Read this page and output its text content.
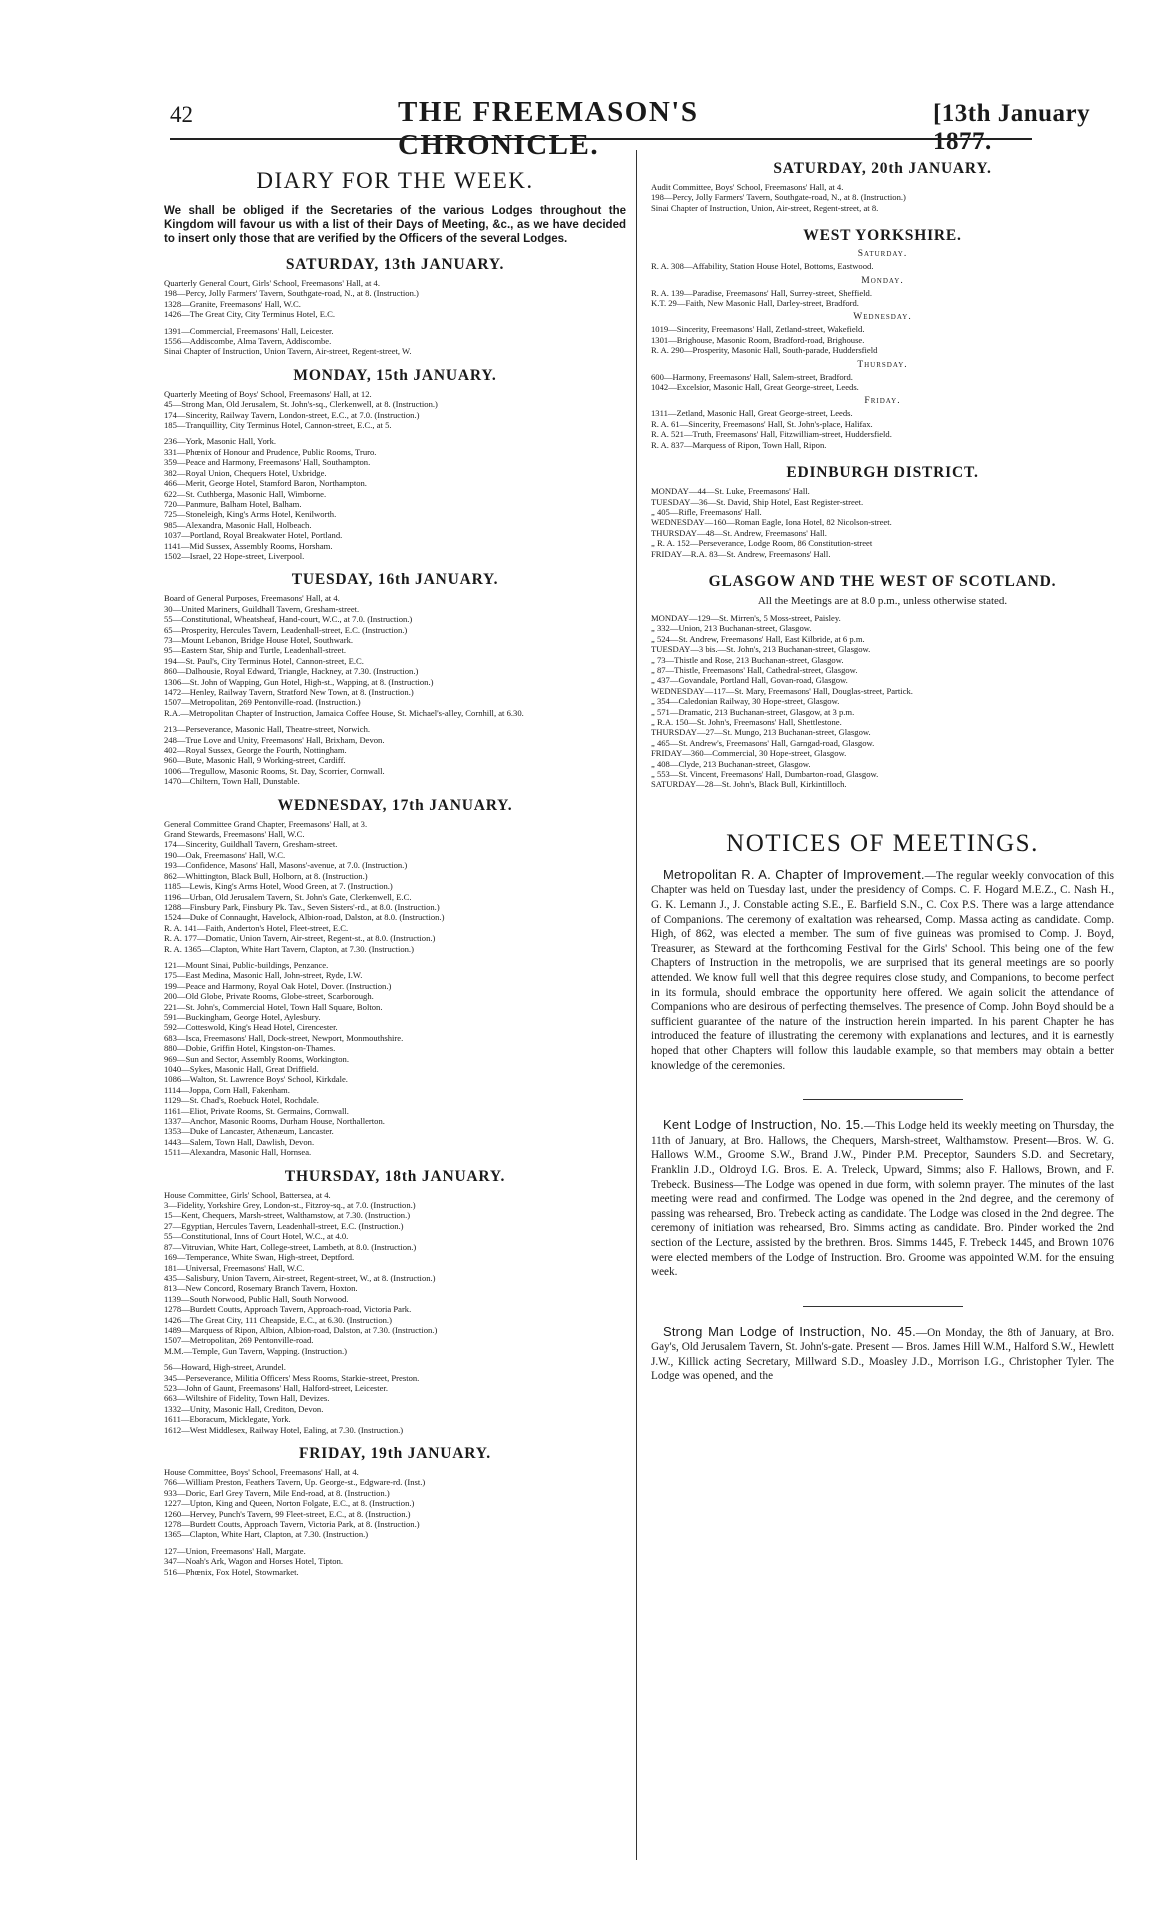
42	THE FREEMASON'S CHRONICLE.
[13th January 1877.
DIARY FOR THE WEEK.

We shall be obliged if the Secretaries of the various Lodges throughout the Kingdom will favour us with a list of their Days of Meeting, &c., as we have decided to insert only those that are verified by the Officers of the several Lodges.

SATURDAY, 13th JANUARY.

Quarterly General Court, Girls' School, Freemasons' Hall, at 4.

198—Percy, Jolly Farmers' Tavern, Southgate-road, N., at 8. (Instruction.)

1328—Granite, Freemasons' Hall, W.C.

1426—The Great City, City Terminus Hotel, E.C.

1391—Commercial, Freemasons' Hall, Leicester.

1556—Addiscombe, Alma Tavern, Addiscombe.

Sinai Chapter of Instruction, Union Tavern, Air-street, Regent-street, W.

MONDAY, 15th JANUARY.

Quarterly Meeting of Boys' School, Freemasons' Hall, at 12.

45—Strong Man, Old Jerusalem, St. John's-sq., Clerkenwell, at 8. (Instruction.)

174—Sincerity, Railway Tavern, London-street, E.C., at 7.0. (Instruction.)

185—Tranquillity, City Terminus Hotel, Cannon-street, E.C., at 5.

236—York, Masonic Hall, York.

331—Phœnix of Honour and Prudence, Public Rooms, Truro.

359—Peace and Harmony, Freemasons' Hall, Southampton.

382—Royal Union, Chequers Hotel, Uxbridge.

466—Merit, George Hotel, Stamford Baron, Northampton.

622—St. Cuthberga, Masonic Hall, Wimborne.

720—Panmure, Balham Hotel, Balham.

725—Stoneleigh, King's Arms Hotel, Kenilworth.

985—Alexandra, Masonic Hall, Holbeach.

1037—Portland, Royal Breakwater Hotel, Portland.

1141—Mid Sussex, Assembly Rooms, Horsham.

1502—Israel, 22 Hope-street, Liverpool.

TUESDAY, 16th JANUARY.

Board of General Purposes, Freemasons' Hall, at 4.

30—United Mariners, Guildhall Tavern, Gresham-street.

55—Constitutional, Wheatsheaf, Hand-court, W.C., at 7.0. (Instruction.)

65—Prosperity, Hercules Tavern, Leadenhall-street, E.C. (Instruction.)

73—Mount Lebanon, Bridge House Hotel, Southwark.

95—Eastern Star, Ship and Turtle, Leadenhall-street.

194—St. Paul's, City Terminus Hotel, Cannon-street, E.C.

860—Dalhousie, Royal Edward, Triangle, Hackney, at 7.30. (Instruction.)

1306—St. John of Wapping, Gun Hotel, High-st., Wapping, at 8. (Instruction.)

1472—Henley, Railway Tavern, Stratford New Town, at 8. (Instruction.)

1507—Metropolitan, 269 Pentonville-road. (Instruction.)

R.A.—Metropolitan Chapter of Instruction, Jamaica Coffee House, St. Michael's-alley, Cornhill, at 6.30.

213—Perseverance, Masonic Hall, Theatre-street, Norwich.

248—True Love and Unity, Freemasons' Hall, Brixham, Devon.

402—Royal Sussex, George the Fourth, Nottingham.

960—Bute, Masonic Hall, 9 Working-street, Cardiff.

1006—Tregullow, Masonic Rooms, St. Day, Scorrier, Cornwall.

1470—Chiltern, Town Hall, Dunstable.

WEDNESDAY, 17th JANUARY.

General Committee Grand Chapter, Freemasons' Hall, at 3.

Grand Stewards, Freemasons' Hall, W.C.

174—Sincerity, Guildhall Tavern, Gresham-street.

190—Oak, Freemasons' Hall, W.C.

193—Confidence, Masons' Hall, Masons'-avenue, at 7.0. (Instruction.)

862—Whittington, Black Bull, Holborn, at 8. (Instruction.)

1185—Lewis, King's Arms Hotel, Wood Green, at 7. (Instruction.)

1196—Urban, Old Jerusalem Tavern, St. John's Gate, Clerkenwell, E.C.

1288—Finsbury Park, Finsbury Pk. Tav., Seven Sisters'-rd., at 8.0. (Instruction.)

1524—Duke of Connaught, Havelock, Albion-road, Dalston, at 8.0. (Instruction.)

R. A. 141—Faith, Anderton's Hotel, Fleet-street, E.C.

R. A. 177—Domatic, Union Tavern, Air-street, Regent-st., at 8.0. (Instruction.)

R. A. 1365—Clapton, White Hart Tavern, Clapton, at 7.30. (Instruction.)

121—Mount Sinai, Public-buildings, Penzance.

175—East Medina, Masonic Hall, John-street, Ryde, I.W.

199—Peace and Harmony, Royal Oak Hotel, Dover. (Instruction.)

200—Old Globe, Private Rooms, Globe-street, Scarborough.

221—St. John's, Commercial Hotel, Town Hall Square, Bolton.

591—Buckingham, George Hotel, Aylesbury.

592—Cotteswold, King's Head Hotel, Cirencester.

683—Isca, Freemasons' Hall, Dock-street, Newport, Monmouthshire.

880—Dobie, Griffin Hotel, Kingston-on-Thames.

969—Sun and Sector, Assembly Rooms, Workington.

1040—Sykes, Masonic Hall, Great Driffield.

1086—Walton, St. Lawrence Boys' School, Kirkdale.

1114—Joppa, Corn Hall, Fakenham.

1129—St. Chad's, Roebuck Hotel, Rochdale.

1161—Eliot, Private Rooms, St. Germains, Cornwall.

1337—Anchor, Masonic Rooms, Durham House, Northallerton.

1353—Duke of Lancaster, Athenæum, Lancaster.

1443—Salem, Town Hall, Dawlish, Devon.

1511—Alexandra, Masonic Hall, Hornsea.

THURSDAY, 18th JANUARY.

House Committee, Girls' School, Battersea, at 4.

3—Fidelity, Yorkshire Grey, London-st., Fitzroy-sq., at 7.0. (Instruction.)

15—Kent, Chequers, Marsh-street, Walthamstow, at 7.30. (Instruction.)

27—Egyptian, Hercules Tavern, Leadenhall-street, E.C. (Instruction.)

55—Constitutional, Inns of Court Hotel, W.C., at 4.0.

87—Vitruvian, White Hart, College-street, Lambeth, at 8.0. (Instruction.)

169—Temperance, White Swan, High-street, Deptford.

181—Universal, Freemasons' Hall, W.C.

435—Salisbury, Union Tavern, Air-street, Regent-street, W., at 8. (Instruction.)

813—New Concord, Rosemary Branch Tavern, Hoxton.

1139—South Norwood, Public Hall, South Norwood.

1278—Burdett Coutts, Approach Tavern, Approach-road, Victoria Park.

1426—The Great City, 111 Cheapside, E.C., at 6.30. (Instruction.)

1489—Marquess of Ripon, Albion, Albion-road, Dalston, at 7.30. (Instruction.)

1507—Metropolitan, 269 Pentonville-road.

M.M.—Temple, Gun Tavern, Wapping. (Instruction.)

56—Howard, High-street, Arundel.

345—Perseverance, Militia Officers' Mess Rooms, Starkie-street, Preston.

523—John of Gaunt, Freemasons' Hall, Halford-street, Leicester.

663—Wiltshire of Fidelity, Town Hall, Devizes.

1332—Unity, Masonic Hall, Crediton, Devon.

1611—Eboracum, Micklegate, York.

1612—West Middlesex, Railway Hotel, Ealing, at 7.30. (Instruction.)

FRIDAY, 19th JANUARY.

House Committee, Boys' School, Freemasons' Hall, at 4.

766—William Preston, Feathers Tavern, Up. George-st., Edgware-rd. (Inst.)

933—Doric, Earl Grey Tavern, Mile End-road, at 8. (Instruction.)

1227—Upton, King and Queen, Norton Folgate, E.C., at 8. (Instruction.)

1260—Hervey, Punch's Tavern, 99 Fleet-street, E.C., at 8. (Instruction.)

1278—Burdett Coutts, Approach Tavern, Victoria Park, at 8. (Instruction.)

1365—Clapton, White Hart, Clapton, at 7.30. (Instruction.)

127—Union, Freemasons' Hall, Margate.

347—Noah's Ark, Wagon and Horses Hotel, Tipton.

516—Phœnix, Fox Hotel, Stowmarket.

SATURDAY, 20th JANUARY.

Audit Committee, Boys' School, Freemasons' Hall, at 4.

198—Percy, Jolly Farmers' Tavern, Southgate-road, N., at 8. (Instruction.)

Sinai Chapter of Instruction, Union, Air-street, Regent-street, at 8.

WEST YORKSHIRE.
Saturday.

R. A. 308—Affability, Station House Hotel, Bottoms, Eastwood.

Monday.

R. A. 139—Paradise, Freemasons' Hall, Surrey-street, Sheffield.

K.T. 29—Faith, New Masonic Hall, Darley-street, Bradford.

Wednesday.

1019—Sincerity, Freemasons' Hall, Zetland-street, Wakefield.

1301—Brighouse, Masonic Room, Bradford-road, Brighouse.

R. A. 290—Prosperity, Masonic Hall, South-parade, Huddersfield

Thursday.

600—Harmony, Freemasons' Hall, Salem-street, Bradford.

1042—Excelsior, Masonic Hall, Great George-street, Leeds.

Friday.

1311—Zetland, Masonic Hall, Great George-street, Leeds.

R. A. 61—Sincerity, Freemasons' Hall, St. John's-place, Halifax.

R. A. 521—Truth, Freemasons' Hall, Fitzwilliam-street, Huddersfield.

R. A. 837—Marquess of Ripon, Town Hall, Ripon.

EDINBURGH DISTRICT.

MONDAY—44—St. Luke, Freemasons' Hall.

TUESDAY—36—St. David, Ship Hotel, East Register-street.

„ 405—Rifle, Freemasons' Hall.

WEDNESDAY—160—Roman Eagle, Iona Hotel, 82 Nicolson-street.

THURSDAY—48—St. Andrew, Freemasons' Hall.

„ R. A. 152—Perseverance, Lodge Room, 86 Constitution-street

FRIDAY—R.A. 83—St. Andrew, Freemasons' Hall.

GLASGOW AND THE WEST OF SCOTLAND.

All the Meetings are at 8.0 p.m., unless otherwise stated.

MONDAY—129—St. Mirren's, 5 Moss-street, Paisley.

„ 332—Union, 213 Buchanan-street, Glasgow.

„ 524—St. Andrew, Freemasons' Hall, East Kilbride, at 6 p.m.

TUESDAY—3 bis.—St. John's, 213 Buchanan-street, Glasgow.

„ 73—Thistle and Rose, 213 Buchanan-street, Glasgow.

„ 87—Thistle, Freemasons' Hall, Cathedral-street, Glasgow.

„ 437—Govandale, Portland Hall, Govan-road, Glasgow.

WEDNESDAY—117—St. Mary, Freemasons' Hall, Douglas-street, Partick.

„ 354—Caledonian Railway, 30 Hope-street, Glasgow.

„ 571—Dramatic, 213 Buchanan-street, Glasgow, at 3 p.m.

„ R.A. 150—St. John's, Freemasons' Hall, Shettlestone.

THURSDAY—27—St. Mungo, 213 Buchanan-street, Glasgow.

„ 465—St. Andrew's, Freemasons' Hall, Garngad-road, Glasgow.

FRIDAY—360—Commercial, 30 Hope-street, Glasgow.

„ 408—Clyde, 213 Buchanan-street, Glasgow.

„ 553—St. Vincent, Freemasons' Hall, Dumbarton-road, Glasgow.

SATURDAY—28—St. John's, Black Bull, Kirkintilloch.

NOTICES OF MEETINGS.

Metropolitan R. A. Chapter of Improvement.—The regular weekly convocation of this Chapter was held on Tuesday last, under the presidency of Comps. C. F. Hogard M.E.Z., C. Nash H., G. K. Lemann J., J. Constable acting S.E., E. Barfield S.N., C. Cox P.S. There was a large attendance of Companions. The ceremony of exaltation was rehearsed, Comp. Massa acting as candidate. Comp. High, of 862, was elected a member. The sum of five guineas was promised to Comp. J. Boyd, Treasurer, as Steward at the forthcoming Festival for the Girls' School. This being one of the few Chapters of Instruction in the metropolis, we are surprised that its general meetings are so poorly attended. We know full well that this degree requires close study, and Companions, to become perfect in its formula, should embrace the opportunity here offered. We again solicit the attendance of Companions who are desirous of perfecting themselves. The presence of Comp. John Boyd should be a sufficient guarantee of the nature of the instruction herein imparted. In his parent Chapter he has introduced the feature of illustrating the ceremony with explanations and lectures, and it is earnestly hoped that other Chapters will follow this laudable example, so that members may obtain a better knowledge of the ceremonies.

Kent Lodge of Instruction, No. 15.—This Lodge held its weekly meeting on Thursday, the 11th of January, at Bro. Hallows, the Chequers, Marsh-street, Walthamstow. Present—Bros. W. G. Hallows W.M., Groome S.W., Brand J.W., Pinder P.M. Preceptor, Saunders S.D. and Secretary, Franklin J.D., Oldroyd I.G. Bros. E. A. Treleck, Upward, Simms; also F. Hallows, Brown, and F. Trebeck. Business—The Lodge was opened in due form, with solemn prayer. The minutes of the last meeting were read and confirmed. The Lodge was opened in the 2nd degree, and the ceremony of passing was rehearsed, Bro. Trebeck acting as candidate. The Lodge was closed in the 2nd degree. The ceremony of initiation was rehearsed, Bro. Simms acting as candidate. Bro. Pinder worked the 2nd section of the Lecture, assisted by the brethren. Bros. Simms 1445, F. Trebeck 1445, and Brown 1076 were elected members of the Lodge of Instruction. Bro. Groome was appointed W.M. for the ensuing week.

Strong Man Lodge of Instruction, No. 45.—On Monday, the 8th of January, at Bro. Gay's, Old Jerusalem Tavern, St. John's-gate. Present — Bros. James Hill W.M., Halford S.W., Hewlett J.W., Killick acting Secretary, Millward S.D., Moasley J.D., Morrison I.G., Christopher Tyler. The Lodge was opened, and the
